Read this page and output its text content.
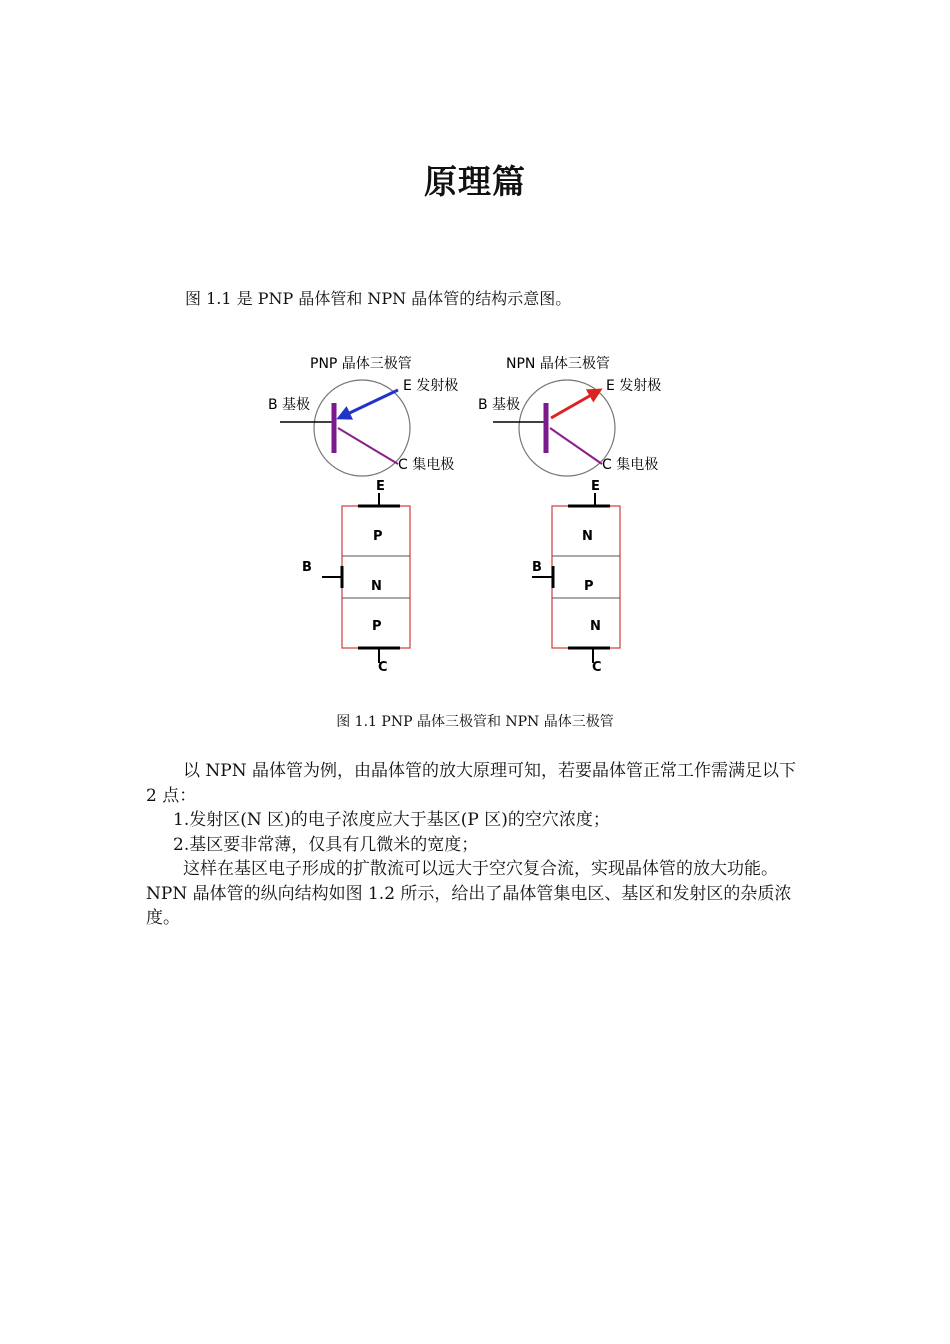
原理篇
图 1.1 是 PNP 晶体管和 NPN 晶体管的结构示意图。
PNP 晶体三极管
E 发射极
B 基极
C 集电极
NPN 晶体三极管
E 发射极
B 基极
C 集电极
P
N
P
E
B
C
N
P
N
E
B
C
图 1.1 PNP 晶体三极管和 NPN 晶体三极管

以 NPN 晶体管为例，由晶体管的放大原理可知，若要晶体管正常工作需满足以下 2 点：

1.发射区(N 区)的电子浓度应大于基区(P 区)的空穴浓度；

2.基区要非常薄，仅具有几微米的宽度；

这样在基区电子形成的扩散流可以远大于空穴复合流，实现晶体管的放大功能。NPN 晶体管的纵向结构如图 1.2 所示，给出了晶体管集电区、基区和发射区的杂质浓度。
